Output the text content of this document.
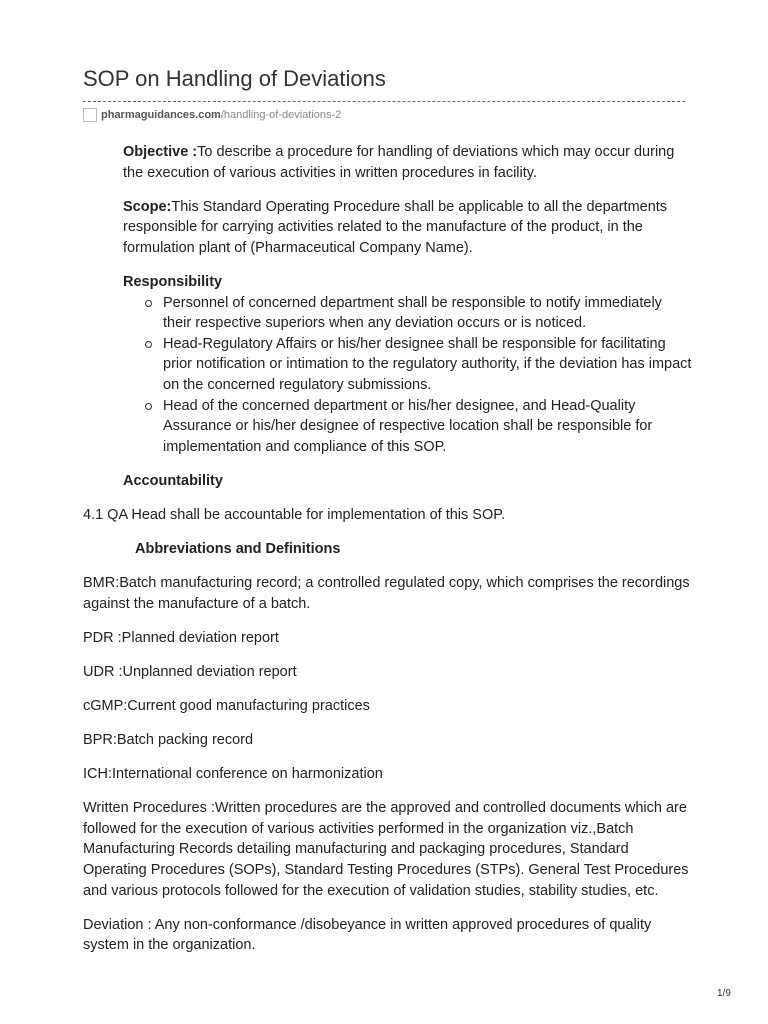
SOP on Handling of Deviations
pharmaguidances.com /handling-of-deviations-2

Objective :To describe a procedure for handling of deviations which may occur during the execution of various activities in written procedures in facility.

Scope:This Standard Operating Procedure shall be applicable to all the departments responsible for carrying activities related to the manufacture of the product, in the formulation plant of (Pharmaceutical Company Name).

Responsibility

Personnel of concerned department shall be responsible to notify immediately their respective superiors when any deviation occurs or is noticed.
Head-Regulatory Affairs or his/her designee shall be responsible for facilitating prior notification or intimation to the regulatory authority, if the deviation has impact on the concerned regulatory submissions.
Head of the concerned department or his/her designee, and Head-Quality Assurance or his/her designee of respective location shall be responsible for implementation and compliance of this SOP.

Accountability

4.1 QA Head shall be accountable for implementation of this SOP.

Abbreviations and Definitions

BMR:Batch manufacturing record; a controlled regulated copy, which comprises the recordings against the manufacture of a batch.

PDR :Planned deviation report

UDR :Unplanned deviation report

cGMP:Current good manufacturing practices

BPR:Batch packing record

ICH:International conference on harmonization

Written Procedures :Written procedures are the approved and controlled documents which are followed for the execution of various activities performed in the organization viz.,Batch Manufacturing Records detailing manufacturing and packaging procedures, Standard Operating Procedures (SOPs), Standard Testing Procedures (STPs). General Test Procedures and various protocols followed for the execution of validation studies, stability studies, etc.

Deviation : Any non-conformance /disobeyance in written approved procedures of quality system in the organization.

1/9
